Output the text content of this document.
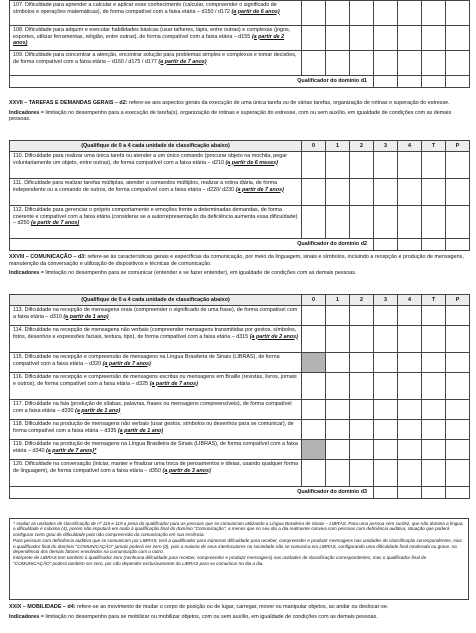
107. Dificuldade para aprender a calcular e aplicar esse conhecimento (calcular, compreender o significado de símbolos e operações matemáticas), de forma compatível com a faixa etária – d150 / d172 (a partir de 6 anos)							
108. Dificuldade para adquirir e executar habilidades básicas (usar talheres, lápis, entre outras) e complexas (jogos, esportes, utilizar ferramentas, religião, entre outras), de forma compatível com a faixa etária – d155 (a partir de 2 anos)							
109. Dificuldade para concentrar a atenção, encontrar solução para problemas simples e complexos e tomar decisões, de forma compatível com a faixa etária – d160 / d175 / d177 (a partir de 7 anos)							
Qualificador do domínio d1							

XXVII – TAREFAS E DEMANDAS GERAIS – d2: refere-se aos aspectos gerais da execução de uma única tarefa ou de várias tarefas, organização de rotinas e superação do estresse.

Indicadores = limitação no desempenho para a execução de tarefa(s), organização de rotinas e superação do estresse, com ou sem auxílio, em igualdade de condições com as demais pessoas.

(Qualifique de 0 a 4 cada unidade de classificação abaixo)	0	1	2	3	4	T	P
110. Dificuldade para realizar uma única tarefa ou atender a um único comando (procurar objeto na mochila, pegar voluntariamente um objeto, entre outras), de forma compatível com a faixa etária – d210 (a partir de 6 meses)							
111. Dificuldade para realizar tarefas múltiplas, atender a comandos múltiplos, realizar a rotina diária, de forma independente ou a comando de outros, de forma compatível com a faixa etária – d220/ d230 (a partir de 7 anos)							
112. Dificuldade para gerenciar o próprio comportamento e emoções frente a determinadas demandas, de forma coerente e compatível com a faixa etária (considerar se a autorrepresentação da deficiência aumenta essa dificuldade) – d250 (a partir de 7 anos)							
Qualificador do domínio d2							

XXVIII – COMUNICAÇÃO – d3: refere-se às características gerais e específicas da comunicação, por meio da linguagem, sinais e símbolos, incluindo a recepção e produção de mensagens, manutenção da conversação e utilização de dispositivos e técnicas de comunicação.

Indicadores = limitação no desempenho para se comunicar (entender e se fazer entender), em igualdade de condições com as demais pessoas.

(Qualifique de 0 a 4 cada unidade de classificação abaixo)	0	1	2	3	4	T	P
113. Dificuldade na recepção de mensagens orais (compreender o significado de uma frase), de forma compatível com a faixa etária – d310 (a partir de 1 ano)							
114. Dificuldade na recepção de mensagens não verbais (compreender mensagens transmitidas por gestos, símbolos, fotos, desenhos e expressões faciais, textura, tipo), de forma compatível com a faixa etária – d315 (a partir de 2 anos)							
115. Dificuldade na recepção e compreensão de mensagens na Língua Brasileira de Sinais (LIBRAS), de forma compatível com a faixa etária – d320 (a partir de 7 anos)							
116. Dificuldade na recepção e compreensão de mensagens escritas ou mensagens em Braille (revistas, livros, jornais e outros), de forma compatível com a faixa etária – d325 (a partir de 7 anos)							
117. Dificuldade na fala (produção de sílabas, palavras, frases ou mensagens compreensíveis), de forma compatível com a faixa etária – d330 (a partir de 1 ano)							
118. Dificuldade na produção de mensagens não verbais (usar gestos, símbolos ou desenhos para se comunicar), de forma compatível com a faixa etária – d335 (a partir de 1 ano)							
119. Dificuldade na produção de mensagens na Língua Brasileira de Sinais (LIBRAS), de forma compatível com a faixa etária – d340 (a partir de 7 anos)*							
120. Dificuldade na conversação (iniciar, manter e finalizar uma troca de pensamentos e ideias, usando qualquer forma de linguagem), de forma compatível com a faixa etária – d350 (a partir de 3 anos)							
Qualificador do domínio d3							

* Avaliar as unidades de classificação de nº 115 e 119 a pena do qualificador para as pessoas que se comunicam utilizando a Língua Brasileira de Sinais – LIBRAS. Para uma pessoa sem surdez, que não domina a língua, a dificuldade é máxima (4), porém não imputará em nada à qualificação final do domínio "Comunicação", a menos que no seu dia a dia realmente conviva com pessoas com deficiência auditiva, situação que poderá configurar certo grau de dificuldade pela não compreensão da comunicação em sua essência.

Para pessoas com deficiência auditiva que se comunicam por LIBRAS, terá a qualificador para inúmeras dificuldade para receber, compreender e produzir mensagens nas unidades de classificação correspondentes, mas o qualificador final do domínio "COMUNICAÇÃO" jamais poderá ser zero (0), pois a maioria de seus interlocutores na sociedade não se comunica em LIBRAS, configurando uma dificuldade final moderada ou grave, na dependência dos demais fatores envolvidos na comunicação com o outro.

Intérprete de LIBRAS tem também o qualificador zero (nenhuma dificuldade para receber, compreender e produzir mensagens) nas unidades de classificação correspondentes, mas o qualificador final de "COMUNICAÇÃO" poderá também ser zero, por não depender exclusivamente da LIBRAS para se comunicar no dia a dia.

XXIX – MOBILIDADE – d4: refere-se ao movimento de mudar o corpo de posição ou de lugar, carregar, mover ou manipular objetos, ao andar ou deslocar-se.

Indicadores = limitação no desempenho para se mobilizar ou mobilizar objetos, com ou sem auxílio, em igualdade de condições com as demais pessoas.
